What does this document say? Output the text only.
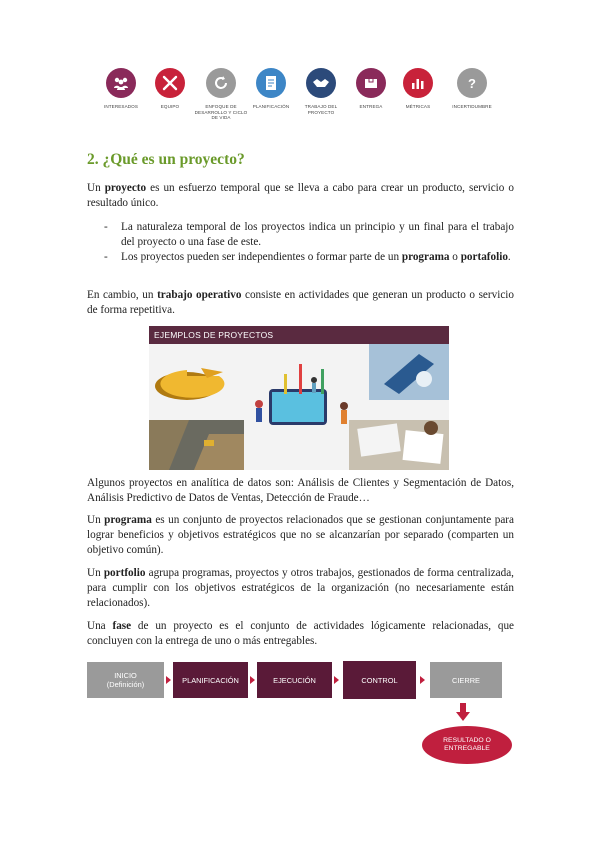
INTERESADOS	EQUIPO	ENFOQUE DE DESARROLLO Y CICLO DE VIDA
PLANIFICACIÓN	TRABAJO DEL PROYECTO
ENTREGA	MÉTRICAS
?
INCERTIDUMBRE
2. ¿Qué es un proyecto?

Un proyecto es un esfuerzo temporal que se lleva a cabo para crear un producto, servicio o resultado único.

- La naturaleza temporal de los proyectos indica un principio y un final para el trabajo del proyecto o una fase de este.
- Los proyectos pueden ser independientes o formar parte de un programa o portafolio.

En cambio, un trabajo operativo consiste en actividades que generan un producto o servicio de forma repetitiva.

EJEMPLOS DE PROYECTOS

Algunos proyectos en analítica de datos son: Análisis de Clientes y Segmentación de Datos, Análisis Predictivo de Datos de Ventas, Detección de Fraude…

Un programa es un conjunto de proyectos relacionados que se gestionan conjuntamente para lograr beneficios y objetivos estratégicos que no se alcanzarían por separado (comparten un objetivo común).

Un portfolio agrupa programas, proyectos y otros trabajos, gestionados de forma centralizada, para cumplir con los objetivos estratégicos de la organización (no necesariamente están relacionados).

Una fase de un proyecto es el conjunto de actividades lógicamente relacionadas, que concluyen con la entrega de uno o más entregables.

INICIO
(Definición)	PLANIFICACIÓN	EJECUCIÓN	CONTROL	CIERRE
RESULTADO O
ENTREGABLE
